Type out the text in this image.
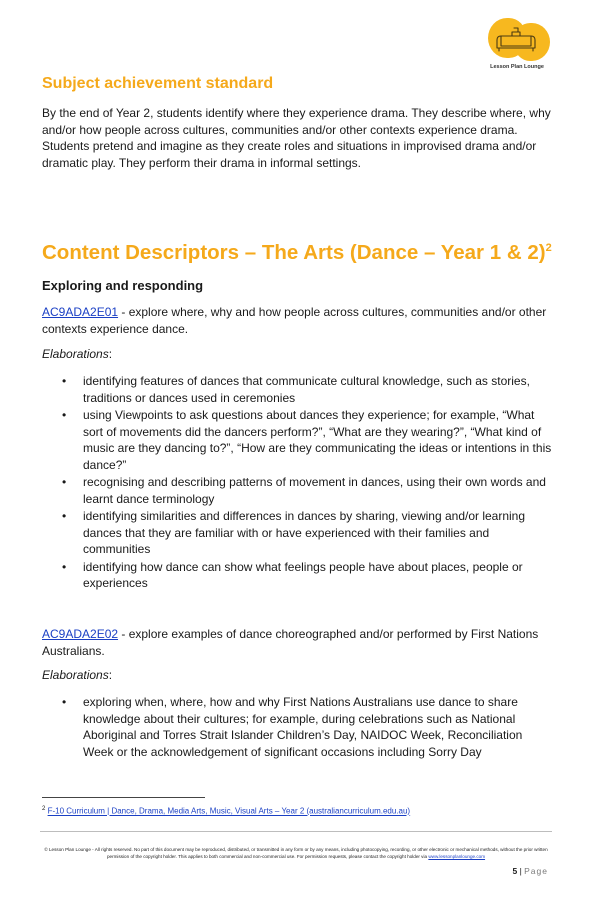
Lesson Plan Lounge
Subject achievement standard

By the end of Year 2, students identify where they experience drama. They describe where, why and/or how people across cultures, communities and/or other contexts experience drama. Students pretend and imagine as they create roles and situations in improvised drama and/or dramatic play. They perform their drama in informal settings.

Content Descriptors – The Arts (Dance – Year 1 & 2)$^2$
Exploring and responding

AC9ADA2E01 - explore where, why and how people across cultures, communities and/or other contexts experience dance.

Elaborations:
• identifying features of dances that communicate cultural knowledge, such as stories, traditions or dances used in ceremonies
• using Viewpoints to ask questions about dances they experience; for example, “What sort of movements did the dancers perform?”, “What are they wearing?”, “What kind of music are they dancing to?”, “How are they communicating the ideas or intentions in this dance?”
• recognising and describing patterns of movement in dances, using their own words and learnt dance terminology
• identifying similarities and differences in dances by sharing, viewing and/or learning dances that they are familiar with or have experienced with their families and communities
• identifying how dance can show what feelings people have about places, people or experiences

AC9ADA2E02 - explore examples of dance choreographed and/or performed by First Nations Australians.

Elaborations:
• exploring when, where, how and why First Nations Australians use dance to share knowledge about their cultures; for example, during celebrations such as National Aboriginal and Torres Strait Islander Children’s Day, NAIDOC Week, Reconciliation Week or the acknowledgement of significant occasions including Sorry Day
$^2$ F-10 Curriculum | Dance, Drama, Media Arts, Music, Visual Arts – Year 2 (australiancurriculum.edu.au)
© Lesson Plan Lounge - All rights reserved. No part of this document may be reproduced, distributed, or transmitted in any form or by any means, including photocopying, recording, or other electronic or mechanical methods, without the prior written permission of the copyright holder. This applies to both commercial and non-commercial use. For permission requests, please contact the copyright holder via www.lessonplanlounge.com
5 | Page
